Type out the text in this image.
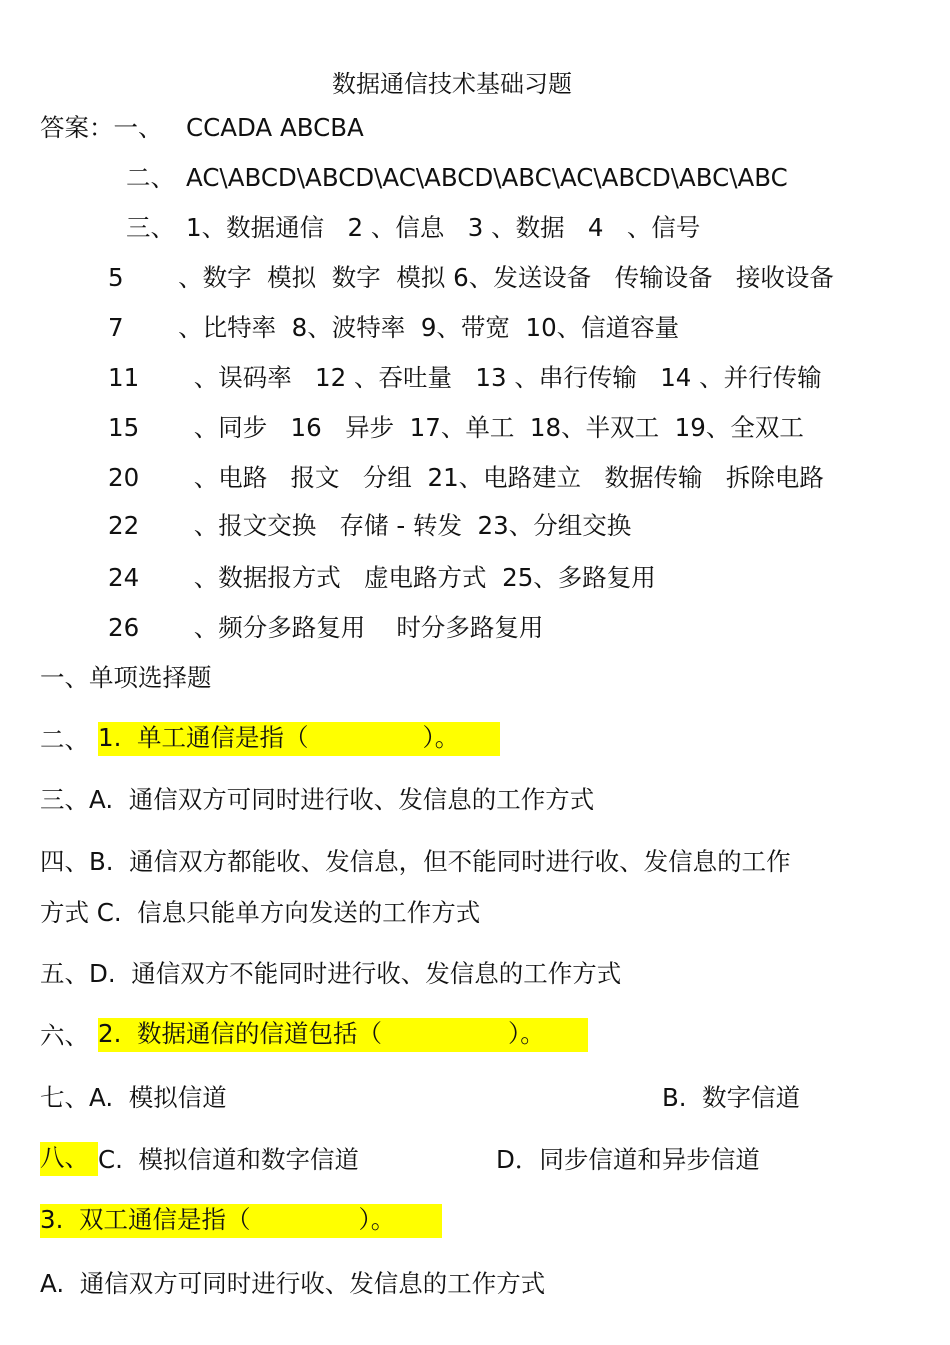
数据通信技术基础习题
答案：一、 CCADA ABCBA
二、 AC\ABCD\ABCD\AC\ABCD\ABC\AC\ABCD\ABC\ABC
三、 1、数据通信   2 、信息   3 、数据   4   、信号
5       、数字  模拟  数字  模拟 6、发送设备   传输设备   接收设备
7       、比特率  8、波特率  9、带宽  10、信道容量
11       、误码率   12 、吞吐量   13 、串行传输   14 、并行传输
15       、同步   16   异步  17、单工  18、半双工  19、全双工
20       、电路   报文   分组  21、电路建立   数据传输   拆除电路
22       、报文交换   存储 - 转发  23、分组交换
24       、数据报方式   虚电路方式  25、多路复用
26       、频分多路复用    时分多路复用
一、单项选择题
二、 1.  单工通信是指（	）。
三、A.  通信双方可同时进行收、发信息的工作方式
四、B.  通信双方都能收、发信息，但不能同时进行收、发信息的工作
方式 C.  信息只能单方向发送的工作方式
五、D.  通信双方不能同时进行收、发信息的工作方式
六、 2.  数据通信的信道包括（	）。
七、A.  模拟信道	B.  数字信道
八、 C.  模拟信道和数字信道	D．同步信道和异步信道
3.  双工通信是指（	）。
A.  通信双方可同时进行收、发信息的工作方式
